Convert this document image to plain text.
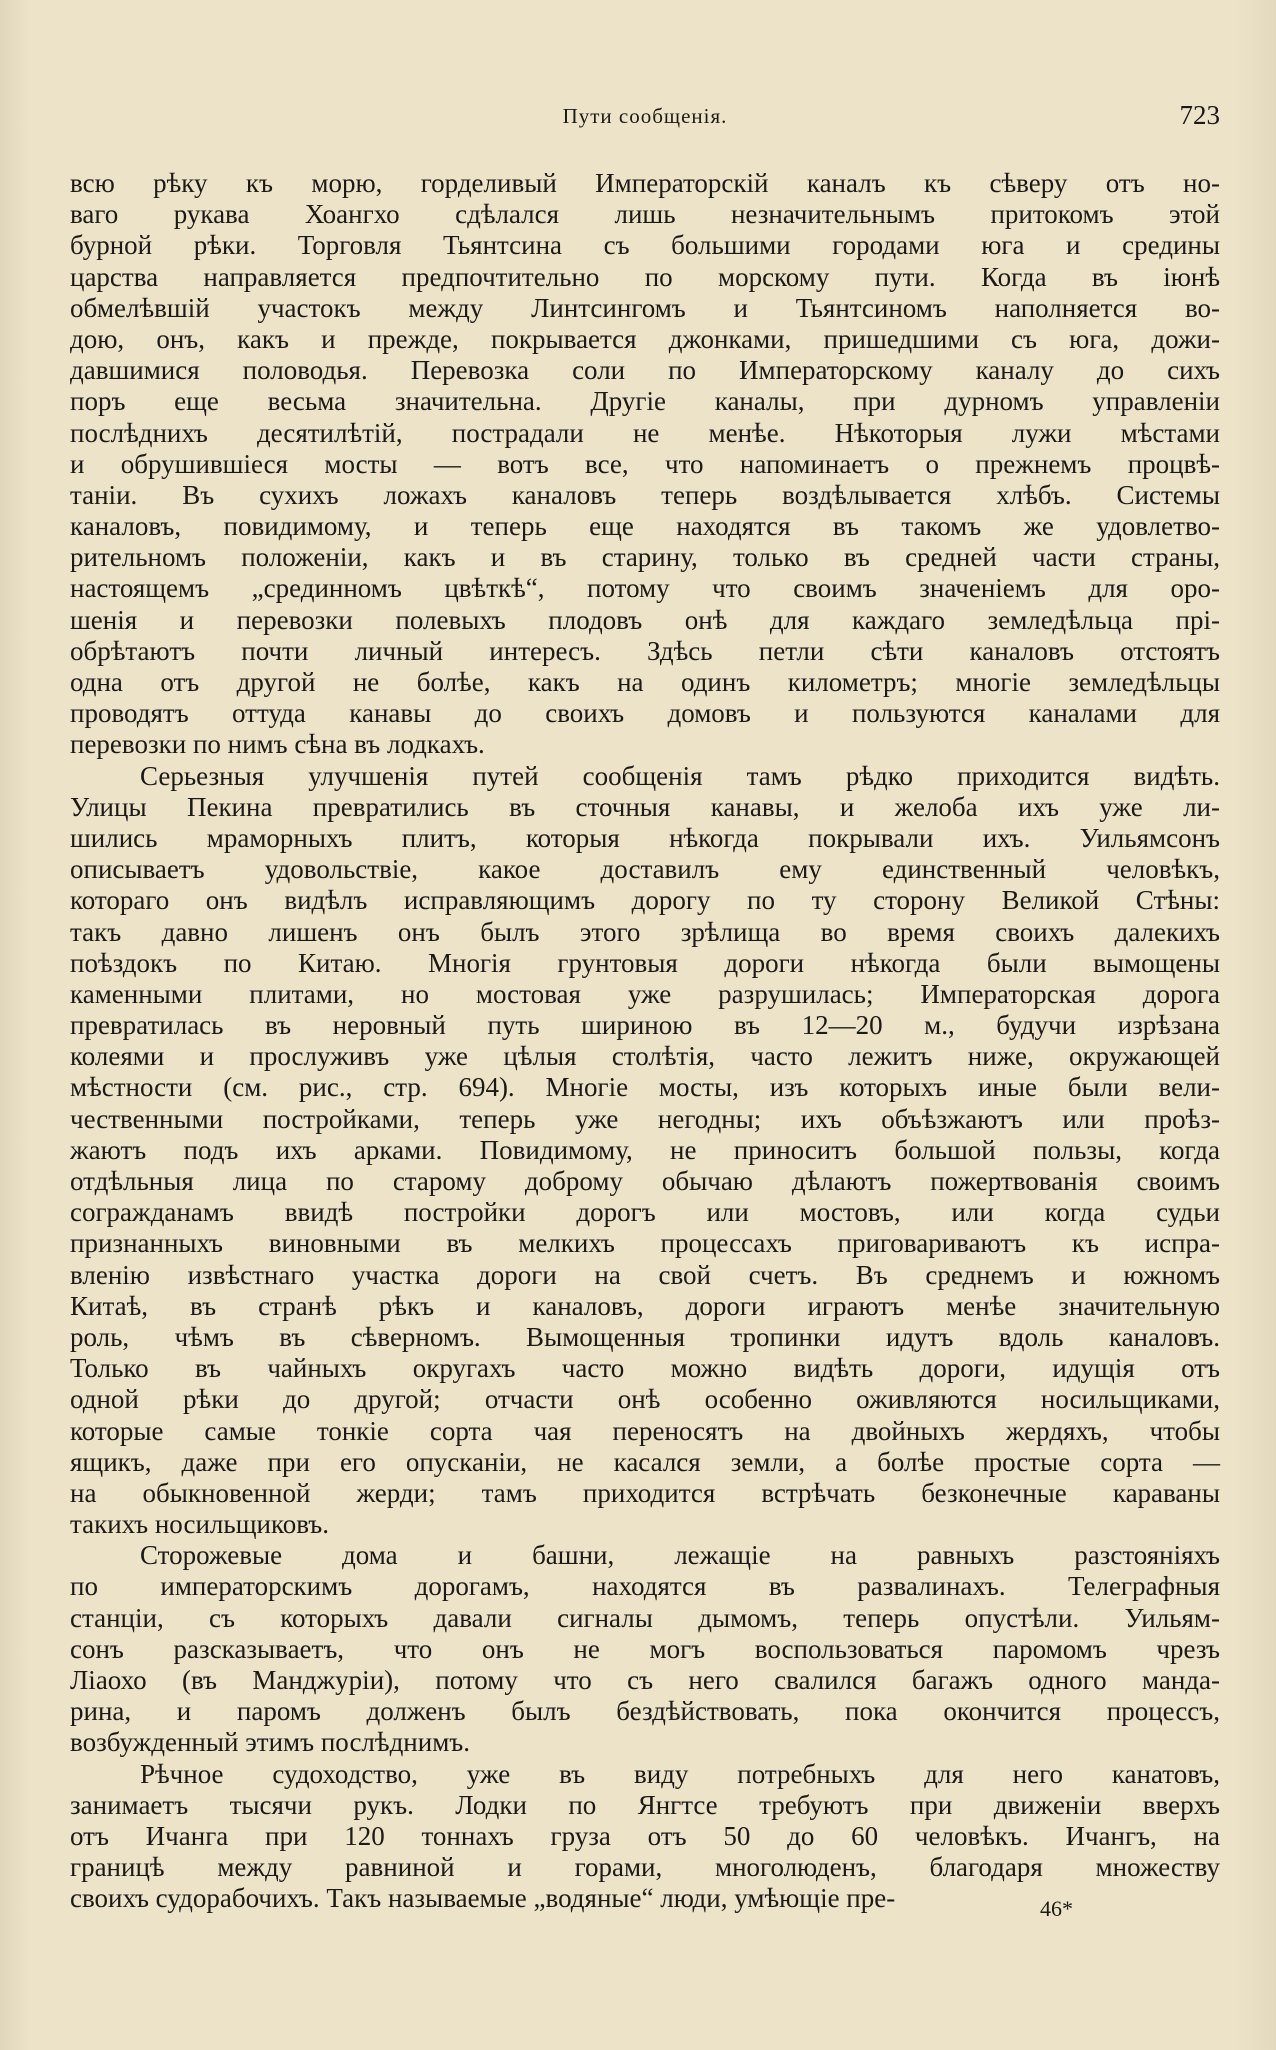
Пути сообщенія.	723
всю рѣку къ морю, горделивый Императорскій каналъ къ сѣверу отъ но-
ваго рукава Хоангхо сдѣлался лишь незначительнымъ притокомъ этой
бурной рѣки. Торговля Тьянтсина съ большими городами юга и средины
царства направляется предпочтительно по морскому пути. Когда въ іюнѣ
обмелѣвшій участокъ между Линтсингомъ и Тьянтсиномъ наполняется во-
дою, онъ, какъ и прежде, покрывается джонками, пришедшими съ юга, дожи-
давшимися половодья. Перевозка соли по Императорскому каналу до сихъ
поръ еще весьма значительна. Другіе каналы, при дурномъ управленіи
послѣднихъ десятилѣтій, пострадали не менѣе. Нѣкоторыя лужи мѣстами
и обрушившіеся мосты — вотъ все, что напоминаетъ о прежнемъ процвѣ-
таніи. Въ сухихъ ложахъ каналовъ теперь воздѣлывается хлѣбъ. Системы
каналовъ, повидимому, и теперь еще находятся въ такомъ же удовлетво-
рительномъ положеніи, какъ и въ старину, только въ средней части страны,
настоящемъ „срединномъ цвѣткѣ“, потому что своимъ значеніемъ для оро-
шенія и перевозки полевыхъ плодовъ онѣ для каждаго земледѣльца прі-
обрѣтаютъ почти личный интересъ. Здѣсь петли сѣти каналовъ отстоятъ
одна отъ другой не болѣе, какъ на одинъ километръ; многіе земледѣльцы
проводятъ оттуда канавы до своихъ домовъ и пользуются каналами для
перевозки по нимъ сѣна въ лодкахъ.
Серьезныя улучшенія путей сообщенія тамъ рѣдко приходится видѣть.
Улицы Пекина превратились въ сточныя канавы, и желоба ихъ уже ли-
шились мраморныхъ плитъ, которыя нѣкогда покрывали ихъ. Уильямсонъ
описываетъ удовольствіе, какое доставилъ ему единственный человѣкъ,
котораго онъ видѣлъ исправляющимъ дорогу по ту сторону Великой Стѣны:
такъ давно лишенъ онъ былъ этого зрѣлища во время своихъ далекихъ
поѣздокъ по Китаю. Многія грунтовыя дороги нѣкогда были вымощены
каменными плитами, но мостовая уже разрушилась; Императорская дорога
превратилась въ неровный путь шириною въ 12—20 м., будучи изрѣзана
колеями и прослуживъ уже цѣлыя столѣтія, часто лежитъ ниже, окружающей
мѣстности (см. рис., стр. 694). Многіе мосты, изъ которыхъ иные были вели-
чественными постройками, теперь уже негодны; ихъ объѣзжаютъ или проѣз-
жаютъ подъ ихъ арками. Повидимому, не приноситъ большой пользы, когда
отдѣльныя лица по старому доброму обычаю дѣлаютъ пожертвованія своимъ
согражданамъ ввидѣ постройки дорогъ или мостовъ, или когда судьи
признанныхъ виновными въ мелкихъ процессахъ приговариваютъ къ испра-
вленію извѣстнаго участка дороги на свой счетъ. Въ среднемъ и южномъ
Китаѣ, въ странѣ рѣкъ и каналовъ, дороги играютъ менѣе значительную
роль, чѣмъ въ сѣверномъ. Вымощенныя тропинки идутъ вдоль каналовъ.
Только въ чайныхъ округахъ часто можно видѣть дороги, идущія отъ
одной рѣки до другой; отчасти онѣ особенно оживляются носильщиками,
которые самые тонкіе сорта чая переносятъ на двойныхъ жердяхъ, чтобы
ящикъ, даже при его опусканіи, не касался земли, а болѣе простые сорта —
на обыкновенной жерди; тамъ приходится встрѣчать безконечные караваны
такихъ носильщиковъ.
Сторожевые дома и башни, лежащіе на равныхъ разстояніяхъ
по императорскимъ дорогамъ, находятся въ развалинахъ. Телеграфныя
станціи, съ которыхъ давали сигналы дымомъ, теперь опустѣли. Уильям-
сонъ разсказываетъ, что онъ не могъ воспользоваться паромомъ чрезъ
Ліаохо (въ Манджуріи), потому что съ него свалился багажъ одного манда-
рина, и паромъ долженъ былъ бездѣйствовать, пока окончится процессъ,
возбужденный этимъ послѣднимъ.
Рѣчное судоходство, уже въ виду потребныхъ для него канатовъ,
занимаетъ тысячи рукъ. Лодки по Янгтсе требуютъ при движеніи вверхъ
отъ Ичанга при 120 тоннахъ груза отъ 50 до 60 человѣкъ. Ичангъ, на
границѣ между равниной и горами, многолюденъ, благодаря множеству
своихъ судорабочихъ. Такъ называемые „водяные“ люди, умѣющіе пре-	46*
